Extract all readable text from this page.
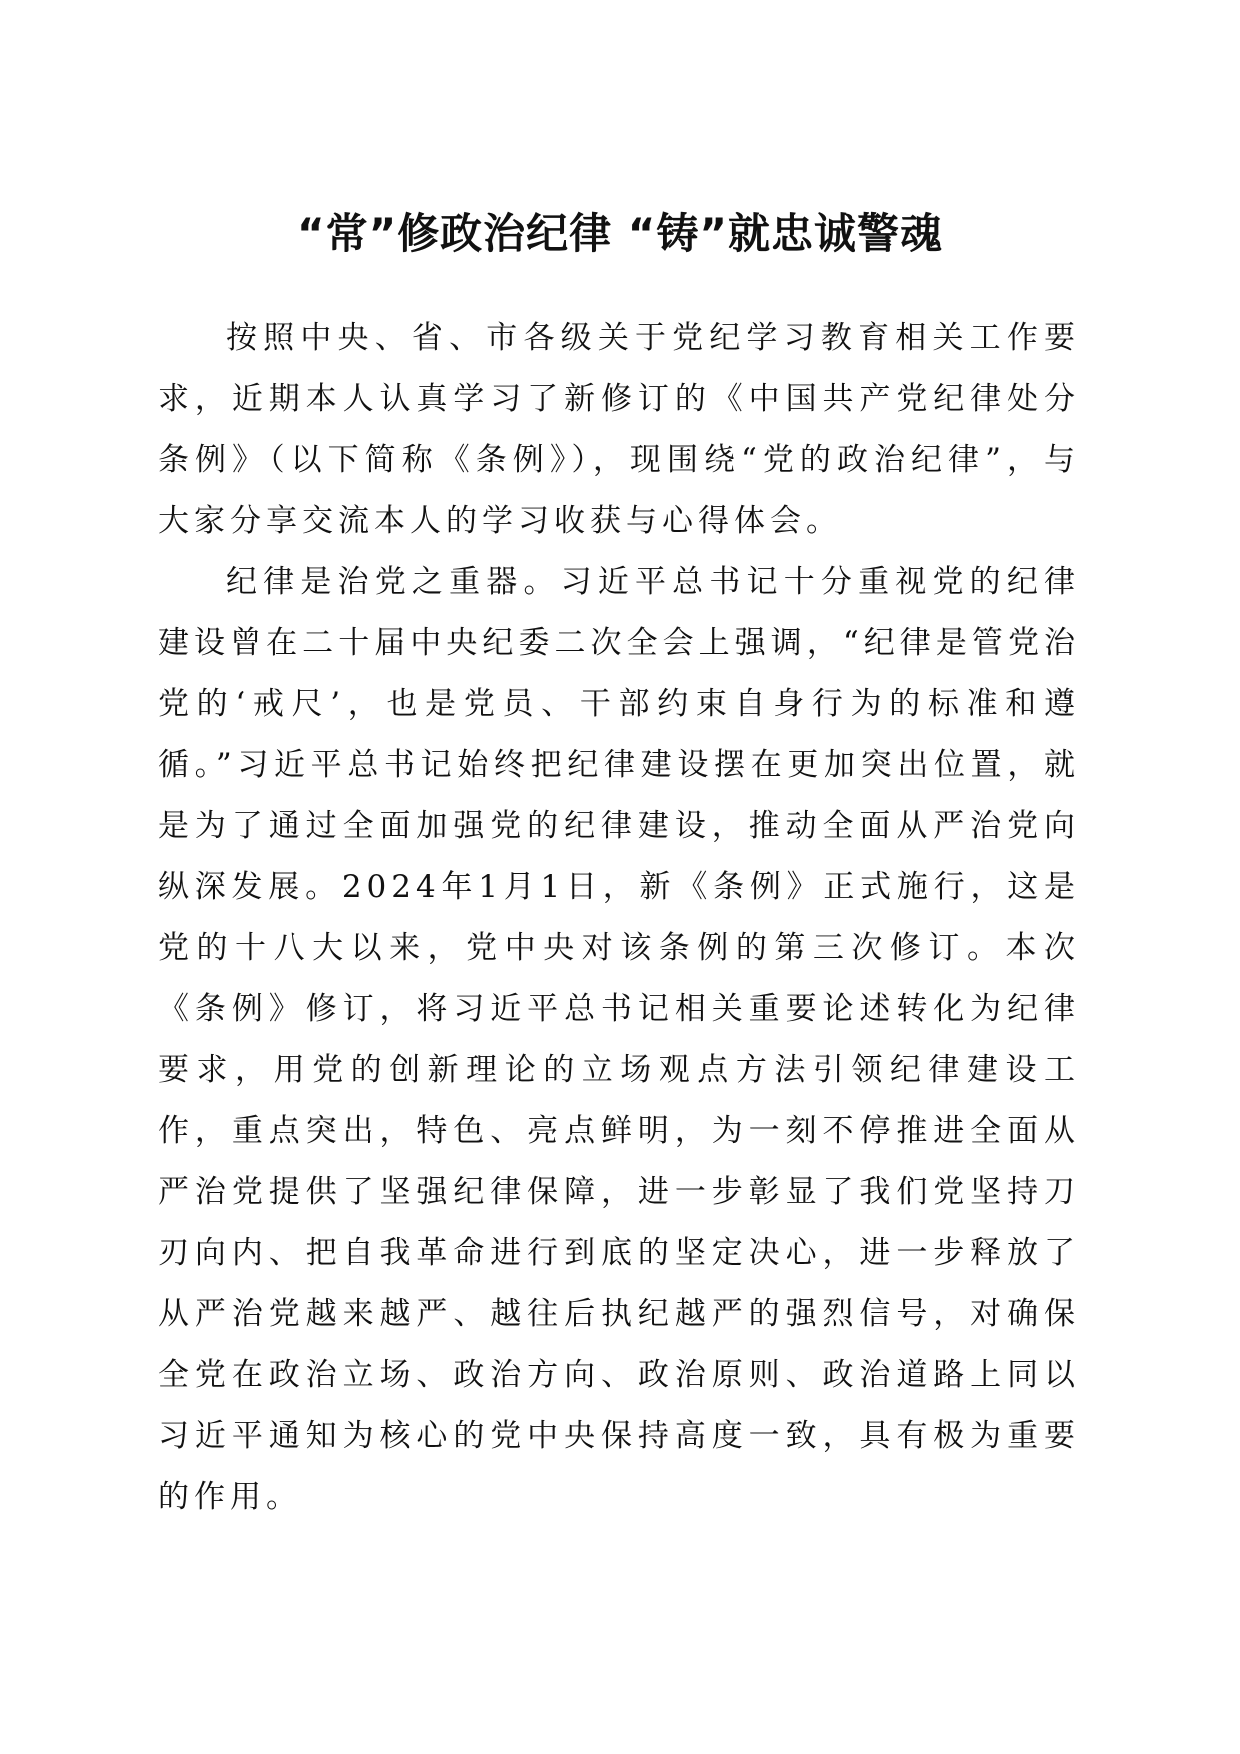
“常”修政治纪律 “铸”就忠诚警魂

按照中央、省、市各级关于党纪学习教育相关工作要求，近期本人认真学习了新修订的《中国共产党纪律处分条例》（以下简称《条例》），现围绕“党的政治纪律”，与大家分享交流本人的学习收获与心得体会。

纪律是治党之重器。习近平总书记十分重视党的纪律建设曾在二十届中央纪委二次全会上强调，“纪律是管党治党的‘戒尺’，也是党员、干部约束自身行为的标准和遵循。”习近平总书记始终把纪律建设摆在更加突出位置，就是为了通过全面加强党的纪律建设，推动全面从严治党向纵深发展。2024年1月1日，新《条例》正式施行，这是党的十八大以来，党中央对该条例的第三次修订。本次《条例》修订，将习近平总书记相关重要论述转化为纪律要求，用党的创新理论的立场观点方法引领纪律建设工作，重点突出，特色、亮点鲜明，为一刻不停推进全面从严治党提供了坚强纪律保障，进一步彰显了我们党坚持刀刃向内、把自我革命进行到底的坚定决心，进一步释放了从严治党越来越严、越往后执纪越严的强烈信号，对确保全党在政治立场、政治方向、政治原则、政治道路上同以习近平通知为核心的党中央保持高度一致，具有极为重要的作用。
